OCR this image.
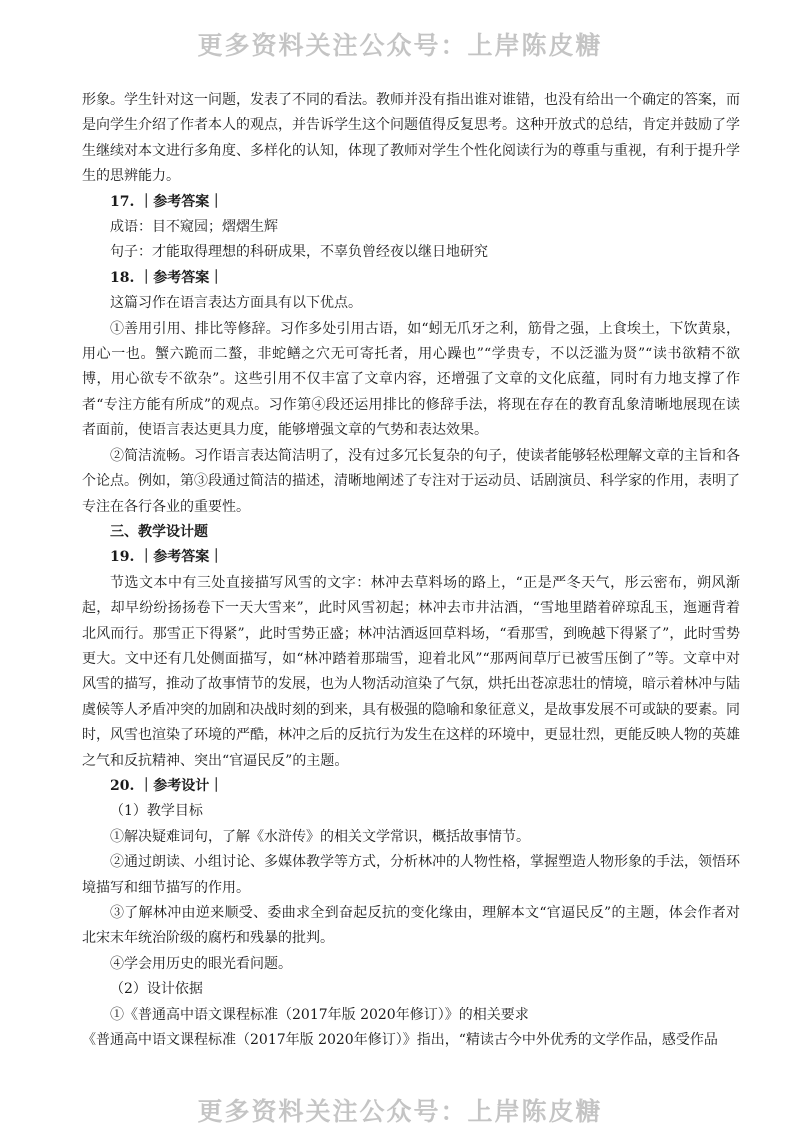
更多资料关注公众号：上岸陈皮糖

形象。学生针对这一问题，发表了不同的看法。教师并没有指出谁对谁错，也没有给出一个确定的答案，而是向学生介绍了作者本人的观点，并告诉学生这个问题值得反复思考。这种开放式的总结，肯定并鼓励了学生继续对本文进行多角度、多样化的认知，体现了教师对学生个性化阅读行为的尊重与重视，有利于提升学生的思辨能力。

17. ｜参考答案｜

成语：目不窥园；熠熠生辉

句子：才能取得理想的科研成果，不辜负曾经夜以继日地研究

18. ｜参考答案｜

这篇习作在语言表达方面具有以下优点。

①善用引用、排比等修辞。习作多处引用古语，如“蚓无爪牙之利，筋骨之强，上食埃土，下饮黄泉，用心一也。蟹六跪而二螯，非蛇鳝之穴无可寄托者，用心躁也”“学贵专，不以泛滥为贤”“读书欲精不欲博，用心欲专不欲杂”。这些引用不仅丰富了文章内容，还增强了文章的文化底蕴，同时有力地支撑了作者“专注方能有所成”的观点。习作第④段还运用排比的修辞手法，将现在存在的教育乱象清晰地展现在读者面前，使语言表达更具力度，能够增强文章的气势和表达效果。

②简洁流畅。习作语言表达简洁明了，没有过多冗长复杂的句子，使读者能够轻松理解文章的主旨和各个论点。例如，第③段通过简洁的描述，清晰地阐述了专注对于运动员、话剧演员、科学家的作用，表明了专注在各行各业的重要性。

三、教学设计题

19. ｜参考答案｜

节选文本中有三处直接描写风雪的文字：林冲去草料场的路上，“正是严冬天气，彤云密布，朔风渐起，却早纷纷扬扬卷下一天大雪来”，此时风雪初起；林冲去市井沽酒，“雪地里踏着碎琼乱玉，迤逦背着北风而行。那雪正下得紧”，此时雪势正盛；林冲沽酒返回草料场，“看那雪，到晚越下得紧了”，此时雪势更大。文中还有几处侧面描写，如“林冲踏着那瑞雪，迎着北风”“那两间草厅已被雪压倒了”等。文章中对风雪的描写，推动了故事情节的发展，也为人物活动渲染了气氛，烘托出苍凉悲壮的情境，暗示着林冲与陆虞候等人矛盾冲突的加剧和决战时刻的到来，具有极强的隐喻和象征意义，是故事发展不可或缺的要素。同时，风雪也渲染了环境的严酷，林冲之后的反抗行为发生在这样的环境中，更显壮烈，更能反映人物的英雄之气和反抗精神、突出“官逼民反”的主题。

20. ｜参考设计｜

（1）教学目标

①解决疑难词句，了解《水浒传》的相关文学常识，概括故事情节。

②通过朗读、小组讨论、多媒体教学等方式，分析林冲的人物性格，掌握塑造人物形象的手法，领悟环境描写和细节描写的作用。

③了解林冲由逆来顺受、委曲求全到奋起反抗的变化缘由，理解本文“官逼民反”的主题，体会作者对北宋末年统治阶级的腐朽和残暴的批判。

④学会用历史的眼光看问题。

（2）设计依据

①《普通高中语文课程标准（2017年版 2020年修订）》的相关要求

《普通高中语文课程标准（2017年版 2020年修订）》指出，“精读古今中外优秀的文学作品，感受作品

更多资料关注公众号：上岸陈皮糖
